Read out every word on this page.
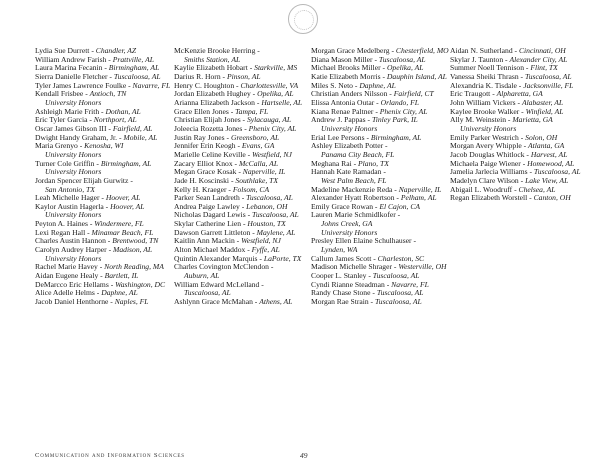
Lydia Sue Durrett - Chandler, AZ
William Andrew Farish - Prattville, AL
Laura Marina Fecanin - Birmingham, AL
Sierra Danielle Fletcher - Tuscaloosa, AL
Tyler James Lawrence Foulke - Navarre, FL
Kendall Frisbee - Antioch, TN
University Honors
Ashleigh Marie Frith - Dothan, AL
Eric Tyler Garcia - Northport, AL
Oscar James Gibson III - Fairfield, AL
Dwight Handy Graham, Jr. - Mobile, AL
Maria Grenyo - Kenosha, WI
University Honors
Turner Cole Griffin - Birmingham, AL
University Honors
Jordan Spencer Elijah Gurwitz -
San Antonio, TX
Leah Michelle Hager - Hoover, AL
Kaylor Austin Hagerla - Hoover, AL
University Honors
Peyton A. Haines - Windermere, FL
Lexi Regan Hall - Minamar Beach, FL
Charles Austin Hannon - Brentwood, TN
Carolyn Audrey Harper - Madison, AL
University Honors
Rachel Marie Havey - North Reading, MA
Aidan Eugene Healy - Bartlett, IL
DeMarcco Eric Hellams - Washington, DC
Alice Adelle Helms - Daphne, AL
Jacob Daniel Henthorne - Naples, FL
McKenzie Brooke Herring -
Smiths Station, AL
Kaylie Elizabeth Hobart - Starkville, MS
Darius R. Horn - Pinson, AL
Henry C. Houghton - Charlottesville, VA
Jordan Elizabeth Hughey - Opelika, AL
Arianna Elizabeth Jackson - Hartselle, AL
Grace Ellen Jones - Tampa, FL
Christian Elijah Jones - Sylacauga, AL
Joleecia Rozetta Jones - Phenix City, AL
Justin Ray Jones - Greensboro, AL
Jennifer Erin Keogh - Evans, GA
Marielle Celine Keville - Westfield, NJ
Zacary Elliot Knox - McCalla, AL
Megan Grace Kosak - Naperville, IL
Jade H. Koscinski - Southlake, TX
Kelly H. Kraeger - Folsom, CA
Parker Sean Landreth - Tuscaloosa, AL
Andrea Paige Lawley - Lebanon, OH
Nicholas Dagard Lewis - Tuscaloosa, AL
Skylar Catherine Lien - Houston, TX
Dawson Garrett Littleton - Maylene, AL
Kaitlin Ann Mackin - Westfield, NJ
Alton Michael Maddox - Fyffe, AL
Quintin Alexander Marquis - LaPorte, TX
Charles Covington McClendon -
Auburn, AL
William Edward McLelland -
Tuscaloosa, AL
Ashlynn Grace McMahan - Athens, AL
Morgan Grace Medelberg - Chesterfield, MO
Diana Mason Miller - Tuscaloosa, AL
Michael Brooks Miller - Opelika, AL
Katie Elizabeth Morris - Dauphin Island, AL
Miles S. Neto - Daphne, AL
Christian Anders Nilsson - Fairfield, CT
Elissa Antonia Outar - Orlando, FL
Kiana Renae Paltner - Phenix City, AL
Andrew J. Pappas - Tinley Park, IL
University Honors
Erial Lee Persons - Birmingham, AL
Ashley Elizabeth Potter -
Panama City Beach, FL
Meghana Rai - Plano, TX
Hannah Kate Ramadan -
West Palm Beach, FL
Madeline Mackenzie Reda - Naperville, IL
Alexander Hyatt Robertson - Pelham, AL
Emily Grace Rowan - El Cajon, CA
Lauren Marie Schmidlkofer -
Johns Creek, GA
University Honors
Presley Ellen Elaine Schulhauser -
Lynden, WA
Callum James Scott - Charleston, SC
Madison Michelle Shrager - Westerville, OH
Cooper L. Stanley - Tuscaloosa, AL
Cyndi Rianne Steadman - Navarre, FL
Randy Chase Stone - Tuscaloosa, AL
Morgan Rae Strain - Tuscaloosa, AL
Aidan N. Sutherland - Cincinnati, OH
Skylar J. Taunton - Alexander City, AL
Summer Noell Tennison - Flint, TX
Vanessa Sheiki Thrasn - Tuscaloosa, AL
Alexandria K. Tisdale - Jacksonville, FL
Eric Traugott - Alpharetta, GA
John William Vickers - Alabaster, AL
Kaylee Brooke Walker - Winfield, AL
Ally M. Weinstein - Marietta, GA
University Honors
Emily Parker Westrich - Solon, OH
Morgan Avery Whipple - Atlanta, GA
Jacob Douglas Whitlock - Harvest, AL
Michaela Paige Wiener - Homewood, AL
Jamelia Jarlecia Williams - Tuscaloosa, AL
Madelyn Clare Wilson - Lake View, AL
Abigail L. Woodruff - Chelsea, AL
Regan Elizabeth Worstell - Canton, OH
Communication and Information Sciences	49
